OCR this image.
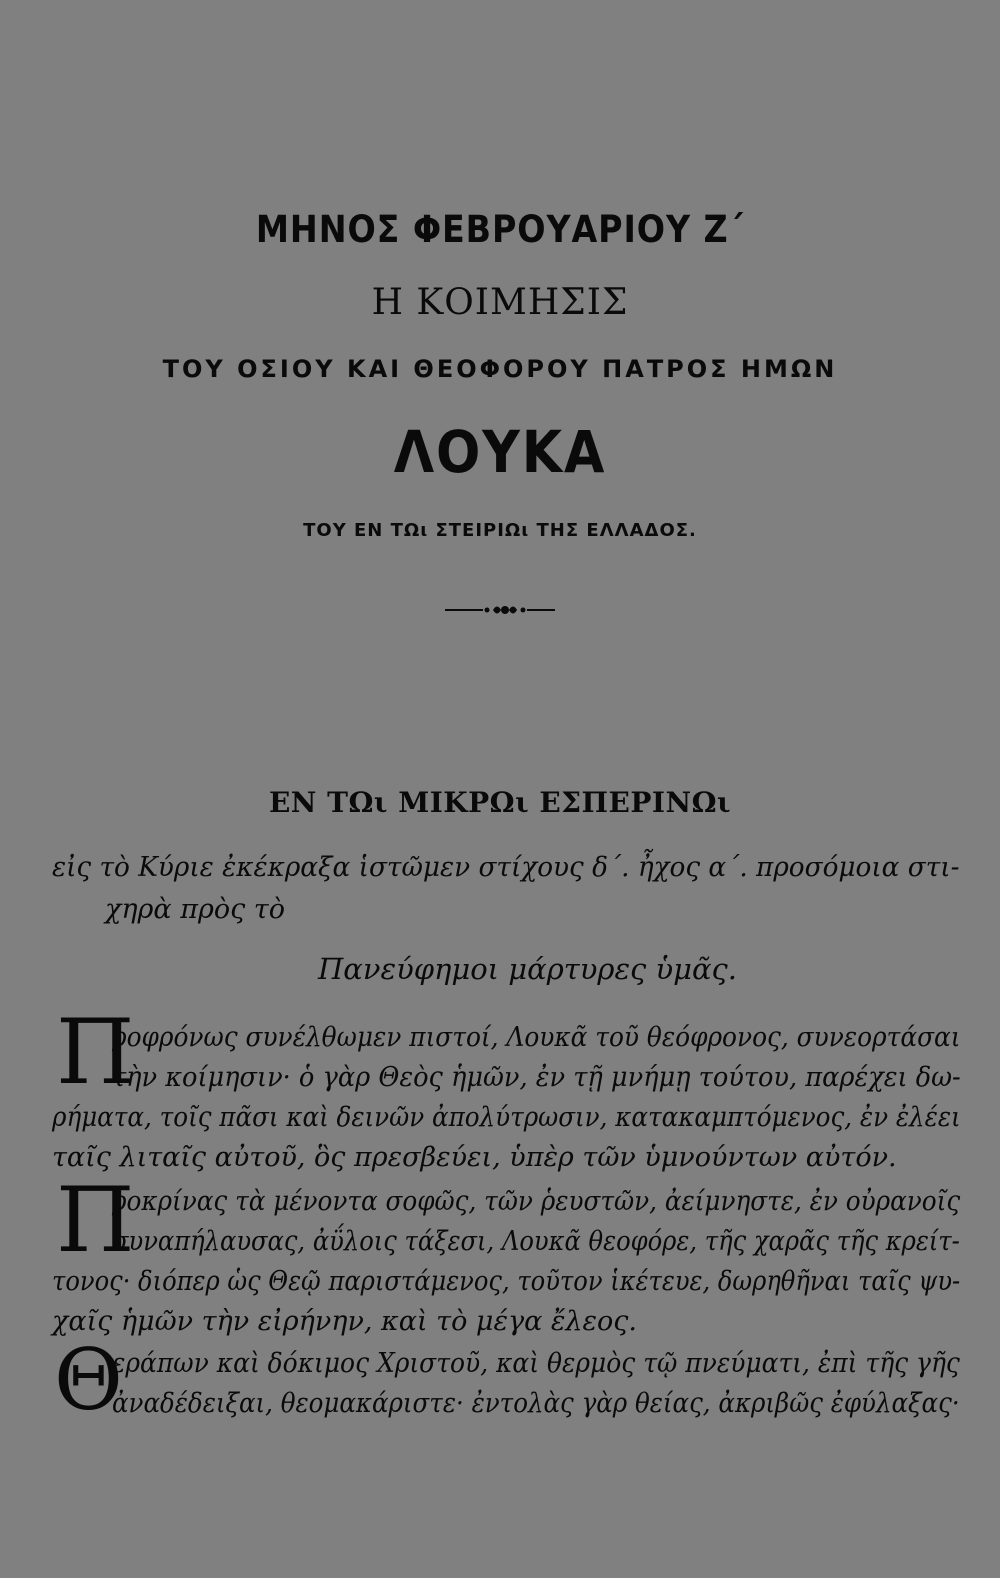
ΜΗΝΟΣ ΦΕΒΡΟΥΑΡΙΟΥ Ζ΄
Η ΚΟΙΜΗΣΙΣ
ΤΟΥ ΟΣΙΟΥ ΚΑΙ ΘΕΟΦΟΡΟΥ ΠΑΤΡΟΣ ΗΜΩΝ
ΛΟΥΚΑ
ΤΟΥ ΕΝ ΤΩι ΣΤΕΙΡΙΩι ΤΗΣ ΕΛΛΑΔΟΣ.
ΕΝ ΤΩι ΜΙΚΡΩι ΕΣΠΕΡΙΝΩι
εἰς τὸ Κύριε ἐκέκραξα ἱστῶμεν στίχους δ΄. ἦχος α΄. προσόμοια στι-
χηρὰ πρὸς τὸ
Πανεύφημοι μάρτυρες ὑμᾶς.
Π
ροφρόνως συνέλθωμεν πιστοί, Λουκᾶ τοῦ θεόφρονος, συνεορτάσαι
τὴν κοίμησιν· ὁ γὰρ Θεὸς ἡμῶν, ἐν τῇ μνήμῃ τούτου, παρέχει δω-
ρήματα, τοῖς πᾶσι καὶ δεινῶν ἀπολύτρωσιν, κατακαμπτόμενος, ἐν ἐλέει
ταῖς λιταῖς αὐτοῦ, ὃς πρεσβεύει, ὑπὲρ τῶν ὑμνούντων αὐτόν.
Π
ροκρίνας τὰ μένοντα σοφῶς, τῶν ῥευστῶν, ἀείμνηστε, ἐν οὐρανοῖς
συναπήλαυσας, ἀΰλοις τάξεσι, Λουκᾶ θεοφόρε, τῆς χαρᾶς τῆς κρείτ-
τονος· διόπερ ὡς Θεῷ παριστάμενος, τοῦτον ἱκέτευε, δωρηθῆναι ταῖς ψυ-
χαῖς ἡμῶν τὴν εἰρήνην, καὶ τὸ μέγα ἔλεος.
Θ
εράπων καὶ δόκιμος Χριστοῦ, καὶ θερμὸς τῷ πνεύματι, ἐπὶ τῆς γῆς
ἀναδέδειξαι, θεομακάριστε· ἐντολὰς γὰρ θείας, ἀκριβῶς ἐφύλαξας·
